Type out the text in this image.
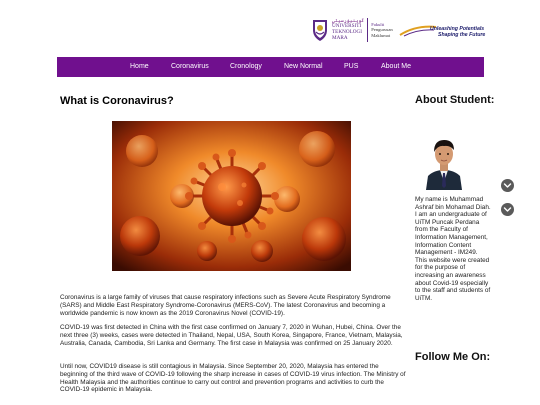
ݢوينيۏرسيتي
UNIVERSITI
TEKNOLOGI
MARA
Fakulti
Pengurusan
Maklumat
Unleashing Potentials
Shaping the Future
Home	Coronavirus	Cronology	New Normal	PUS	About Me
What is Coronavirus?

Coronavirus is a large family of viruses that cause respiratory infections such as Severe Acute Respiratory Syndrome (SARS) and Middle East Respiratory Syndrome-Coronavirus (MERS-CoV). The latest Coronavirus and becoming a worldwide pandemic is now known as the 2019 Coronavirus Novel (COVID-19).

COVID-19 was first detected in China with the first case confirmed on January 7, 2020 in Wuhan, Hubei, China. Over the next three (3) weeks, cases were detected in Thailand, Nepal, USA, South Korea, Singapore, France, Vietnam, Malaysia, Australia, Canada, Cambodia, Sri Lanka and Germany. The first case in Malaysia was confirmed on 25 January 2020.

Until now, COVID19 disease is still contagious in Malaysia. Since September 20, 2020, Malaysia has entered the beginning of the third wave of COVID-19 following the sharp increase in cases of COVID-19 virus infection. The Ministry of Health Malaysia and the authorities continue to carry out control and prevention programs and activities to curb the COVID-19 epidemic in Malaysia.

About Student:

My name is Muhammad Ashraf bin Mohamad Diah. I am an undergraduate of UiTM Puncak Perdana from the Faculty of Information Management, Information Content Management - IM249. This website were created for the purpose of increasing an awareness about Covid-19 especially to the staff and students of UiTM.

Follow Me On:
